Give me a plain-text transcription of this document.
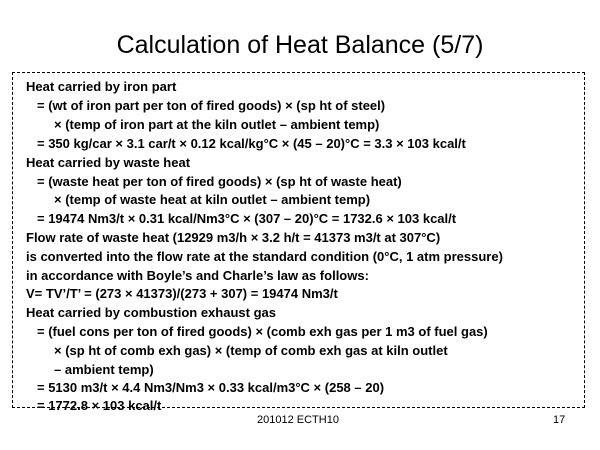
Calculation of Heat Balance (5/7)
Heat carried by iron part
= (wt of iron part per ton of fired goods) × (sp ht of steel)
× (temp of iron part at the kiln outlet – ambient temp)
= 350 kg/car × 3.1 car/t × 0.12 kcal/kg°C × (45 – 20)°C = 3.3 × 103 kcal/t
Heat carried by waste heat
= (waste heat per ton of fired goods) × (sp ht of waste heat)
× (temp of waste heat at kiln outlet – ambient temp)
= 19474 Nm3/t × 0.31 kcal/Nm3°C × (307 – 20)°C = 1732.6 × 103 kcal/t
Flow rate of waste heat (12929 m3/h × 3.2 h/t = 41373 m3/t at 307°C)
is converted into the flow rate at the standard condition (0°C, 1 atm pressure)
in accordance with Boyle’s and Charle’s law as follows:
V= TV’/T’ = (273 × 41373)/(273 + 307) = 19474 Nm3/t
Heat carried by combustion exhaust gas
= (fuel cons per ton of fired goods) × (comb exh gas per 1 m3 of fuel gas)
× (sp ht of comb exh gas) × (temp of comb exh gas at kiln outlet
– ambient temp)
= 5130 m3/t × 4.4 Nm3/Nm3 × 0.33 kcal/m3°C × (258 – 20)
= 1772.8 × 103 kcal/t
201012 ECTH10	17
